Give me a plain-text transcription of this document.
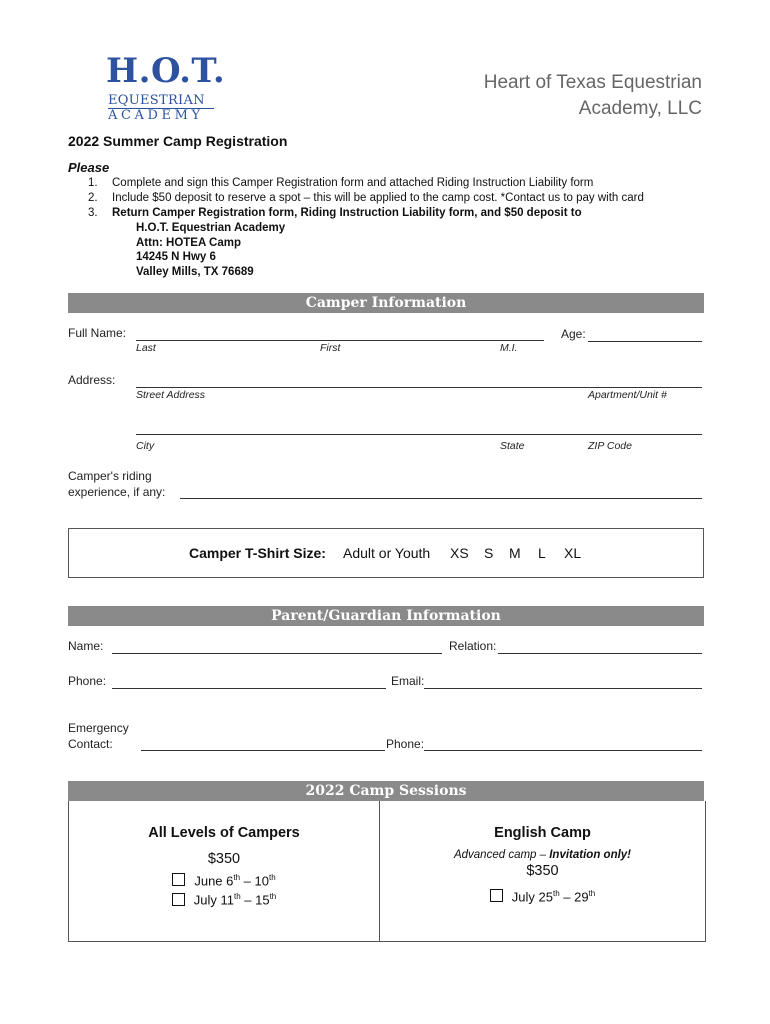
H.O.T.
EQUESTRIAN
ACADEMY
Heart of Texas Equestrian
Academy, LLC
2022 Summer Camp Registration
Please
1.	Complete and sign this Camper Registration form and attached Riding Instruction Liability form
2.	Include $50 deposit to reserve a spot – this will be applied to the camp cost. *Contact us to pay with card
3.	Return Camper Registration form, Riding Instruction Liability form, and $50 deposit to
H.O.T. Equestrian Academy
Attn: HOTEA Camp
14245 N Hwy 6
Valley Mills, TX 76689
Camper Information
Full Name:
Last	First	M.I.
Age:
Address:
Street Address	Apartment/Unit #
City	State	ZIP Code
Camper's riding
experience, if any:
Camper T-Shirt Size: Adult or Youth XS S M L XL
Parent/Guardian Information
Name:	Relation:
Phone:	Email:
Emergency
Contact:	Phone:
2022 Camp Sessions
All Levels of Campers
$350
June 6th – 10th
July 11th – 15th
English Camp
Advanced camp – Invitation only!
$350
July 25th – 29th
